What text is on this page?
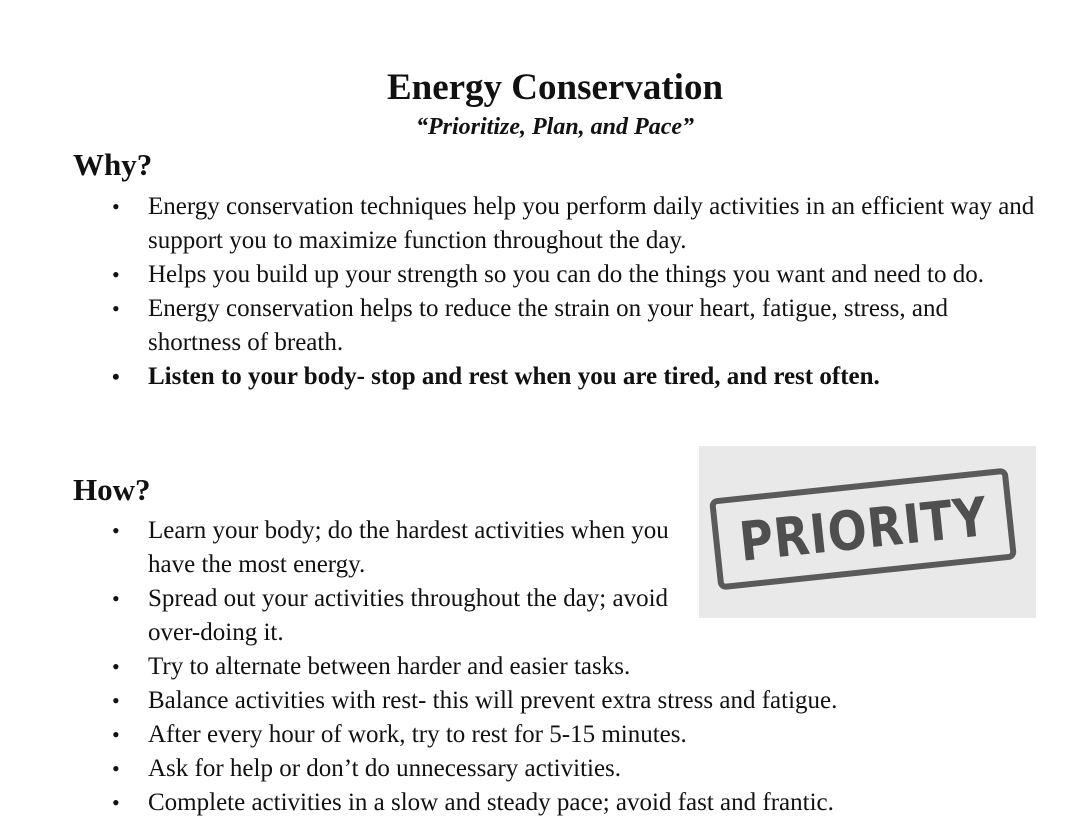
Energy Conservation

“Prioritize, Plan, and Pace”

Why?
• Energy conservation techniques help you perform daily activities in an efficient way and support you to maximize function throughout the day.
• Helps you build up your strength so you can do the things you want and need to do.
• Energy conservation helps to reduce the strain on your heart, fatigue, stress, and shortness of breath.
• Listen to your body- stop and rest when you are tired, and rest often.
How?
• Learn your body; do the hardest activities when you have the most energy.
• Spread out your activities throughout the day; avoid over-doing it.
• Try to alternate between harder and easier tasks.
• Balance activities with rest- this will prevent extra stress and fatigue.
• After every hour of work, try to rest for 5-15 minutes.
• Ask for help or don’t do unnecessary activities.
• Complete activities in a slow and steady pace; avoid fast and frantic.
PRIORITY
